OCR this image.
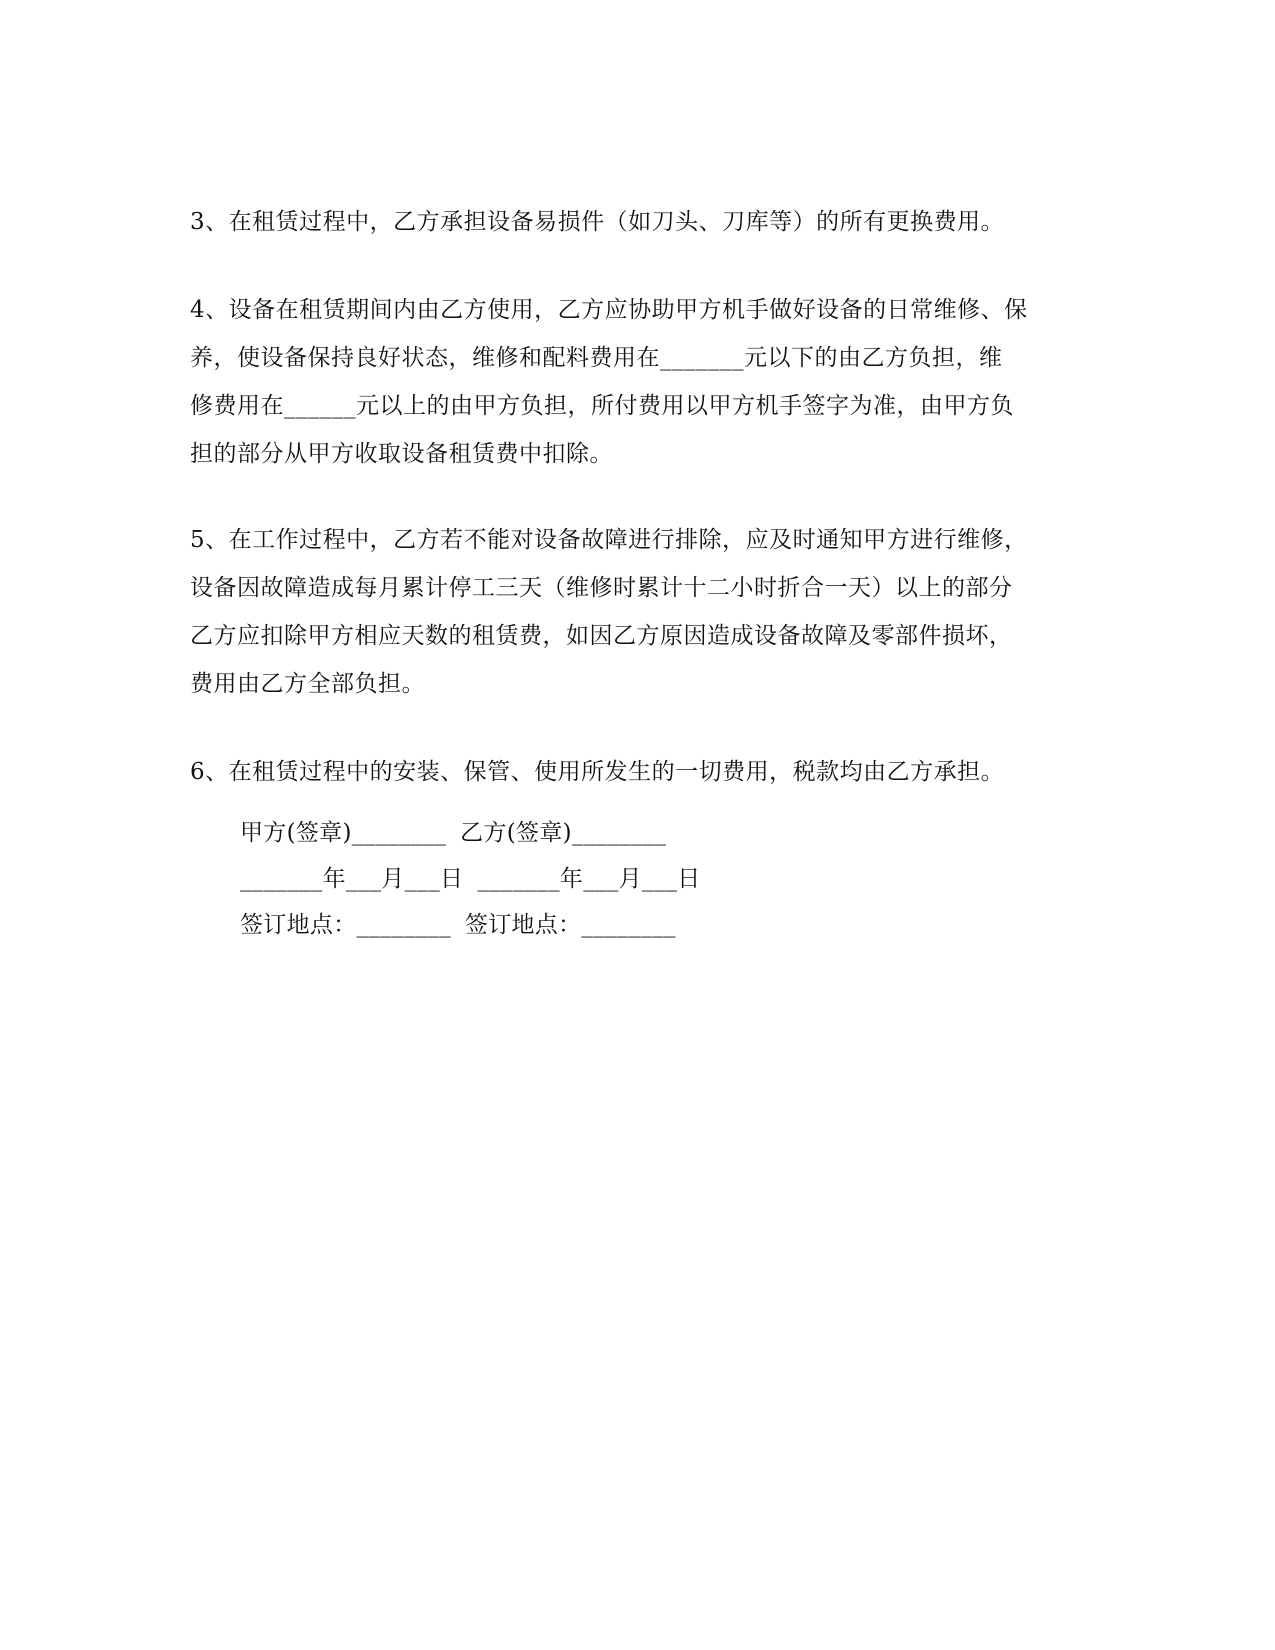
3、在租赁过程中，乙方承担设备易损件（如刀头、刀库等）的所有更换费用。
4、设备在租赁期间内由乙方使用，乙方应协助甲方机手做好设备的日常维修、保
养，使设备保持良好状态，维修和配料费用在_______元以下的由乙方负担，维
修费用在______元以上的由甲方负担，所付费用以甲方机手签字为准，由甲方负
担的部分从甲方收取设备租赁费中扣除。
5、在工作过程中，乙方若不能对设备故障进行排除，应及时通知甲方进行维修，
设备因故障造成每月累计停工三天（维修时累计十二小时折合一天）以上的部分
乙方应扣除甲方相应天数的租赁费，如因乙方原因造成设备故障及零部件损坏，
费用由乙方全部负担。
6、在租赁过程中的安装、保管、使用所发生的一切费用，税款均由乙方承担。
甲方(签章)________ 乙方(签章)________
_______年___月___日 _______年___月___日
签订地点：________ 签订地点：________
